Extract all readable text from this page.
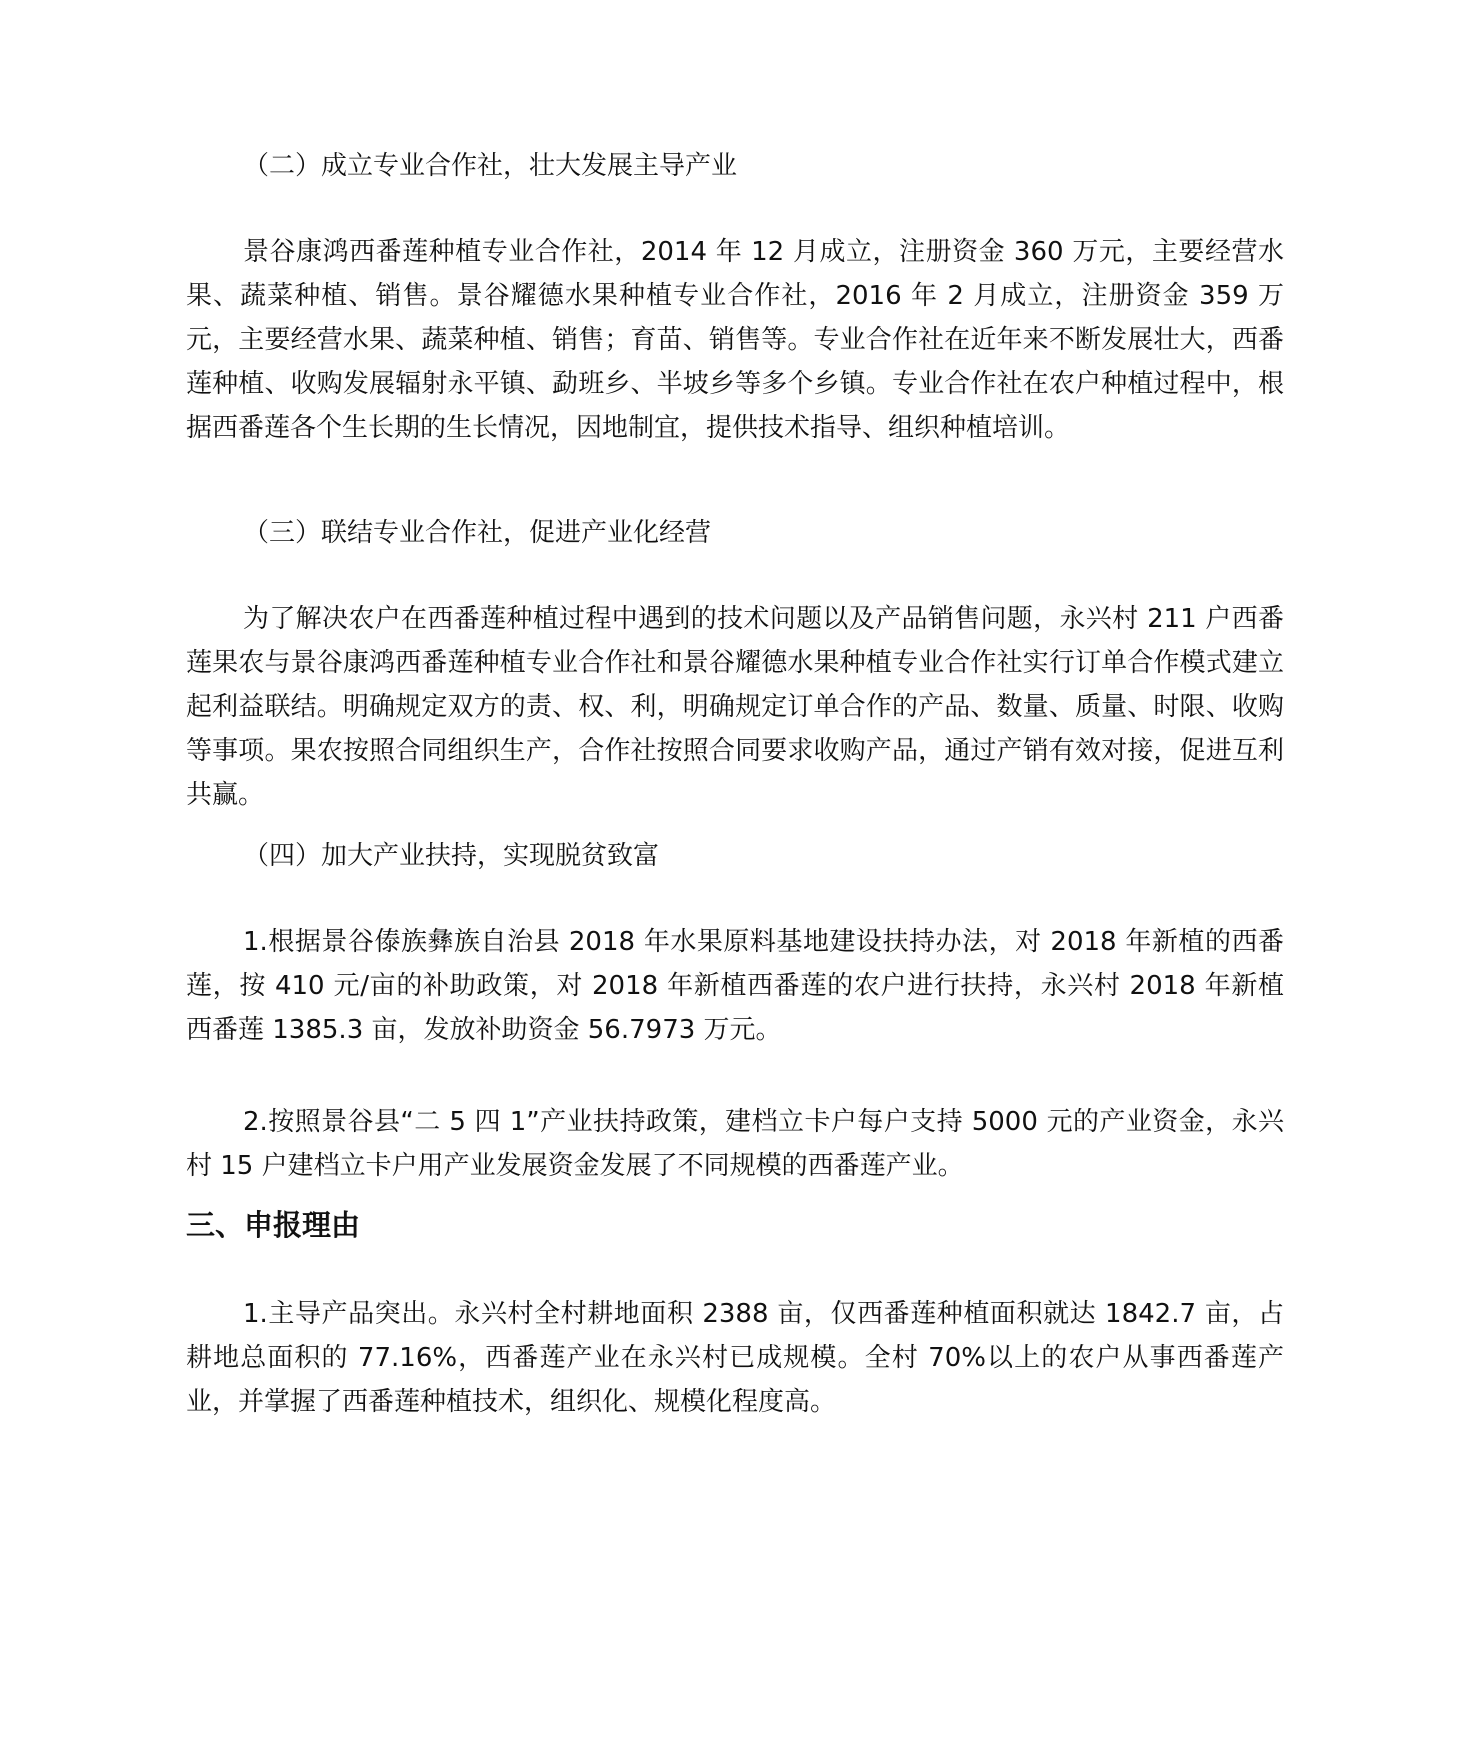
（二）成立专业合作社，壮大发展主导产业

景谷康鸿西番莲种植专业合作社，2014 年 12 月成立，注册资金 360 万元，主要经营水果、蔬菜种植、销售。景谷耀德水果种植专业合作社，2016 年 2 月成立，注册资金 359 万元，主要经营水果、蔬菜种植、销售；育苗、销售等。专业合作社在近年来不断发展壮大，西番莲种植、收购发展辐射永平镇、勐班乡、半坡乡等多个乡镇。专业合作社在农户种植过程中，根据西番莲各个生长期的生长情况，因地制宜，提供技术指导、组织种植培训。

（三）联结专业合作社，促进产业化经营

为了解决农户在西番莲种植过程中遇到的技术问题以及产品销售问题，永兴村 211 户西番莲果农与景谷康鸿西番莲种植专业合作社和景谷耀德水果种植专业合作社实行订单合作模式建立起利益联结。明确规定双方的责、权、利，明确规定订单合作的产品、数量、质量、时限、收购等事项。果农按照合同组织生产，合作社按照合同要求收购产品，通过产销有效对接，促进互利共赢。

（四）加大产业扶持，实现脱贫致富

1.根据景谷傣族彝族自治县 2018 年水果原料基地建设扶持办法，对 2018 年新植的西番莲，按 410 元/亩的补助政策，对 2018 年新植西番莲的农户进行扶持，永兴村 2018 年新植西番莲 1385.3 亩，发放补助资金 56.7973 万元。

2.按照景谷县“二 5 四 1”产业扶持政策，建档立卡户每户支持 5000 元的产业资金，永兴村 15 户建档立卡户用产业发展资金发展了不同规模的西番莲产业。

三、申报理由

1.主导产品突出。永兴村全村耕地面积 2388 亩，仅西番莲种植面积就达 1842.7 亩，占耕地总面积的 77.16%，西番莲产业在永兴村已成规模。全村 70%以上的农户从事西番莲产业，并掌握了西番莲种植技术，组织化、规模化程度高。
